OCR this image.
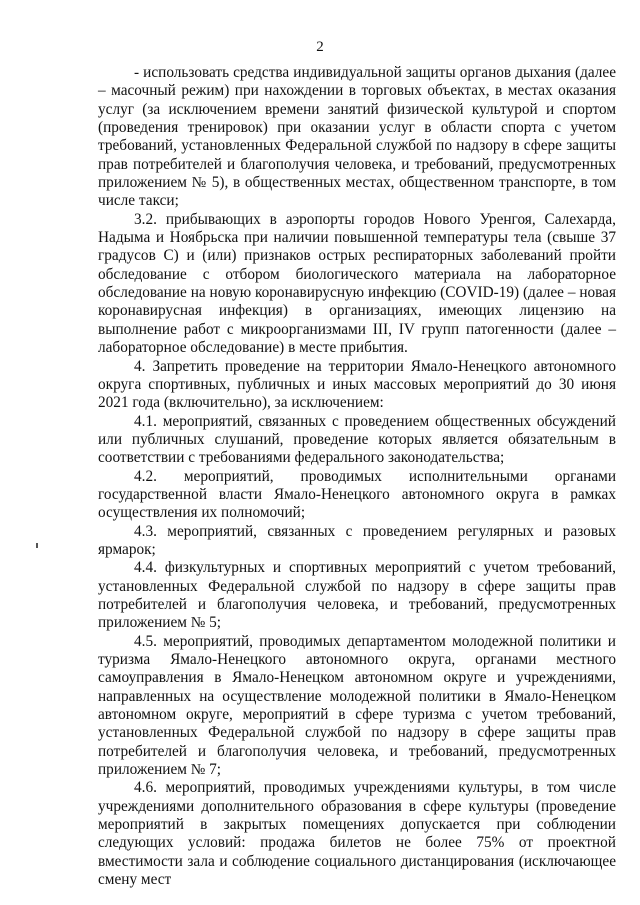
2

- использовать средства индивидуальной защиты органов дыхания (далее – масочный режим) при нахождении в торговых объектах, в местах оказания услуг (за исключением времени занятий физической культурой и спортом (проведения тренировок) при оказании услуг в области спорта с учетом требований, установленных Федеральной службой по надзору в сфере защиты прав потребителей и благополучия человека, и требований, предусмотренных приложением № 5), в общественных местах, общественном транспорте, в том числе такси;

3.2. прибывающих в аэропорты городов Нового Уренгоя, Салехарда, Надыма и Ноябрьска при наличии повышенной температуры тела (свыше 37 градусов С) и (или) признаков острых респираторных заболеваний пройти обследование с отбором биологического материала на лабораторное обследование на новую коронавирусную инфекцию (COVID-19) (далее – новая коронавирусная инфекция) в организациях, имеющих лицензию на выполнение работ с микроорганизмами III, IV групп патогенности (далее – лабораторное обследование) в месте прибытия.

4. Запретить проведение на территории Ямало-Ненецкого автономного округа спортивных, публичных и иных массовых мероприятий до 30 июня 2021 года (включительно), за исключением:

4.1. мероприятий, связанных с проведением общественных обсуждений или публичных слушаний, проведение которых является обязательным в соответствии с требованиями федерального законодательства;

4.2. мероприятий, проводимых исполнительными органами государственной власти Ямало-Ненецкого автономного округа в рамках осуществления их полномочий;

4.3. мероприятий, связанных с проведением регулярных и разовых ярмарок;

4.4. физкультурных и спортивных мероприятий с учетом требований, установленных Федеральной службой по надзору в сфере защиты прав потребителей и благополучия человека, и требований, предусмотренных приложением № 5;

4.5. мероприятий, проводимых департаментом молодежной политики и туризма Ямало-Ненецкого автономного округа, органами местного самоуправления в Ямало-Ненецком автономном округе и учреждениями, направленных на осуществление молодежной политики в Ямало-Ненецком автономном округе, мероприятий в сфере туризма с учетом требований, установленных Федеральной службой по надзору в сфере защиты прав потребителей и благополучия человека, и требований, предусмотренных приложением № 7;

4.6. мероприятий, проводимых учреждениями культуры, в том числе учреждениями дополнительного образования в сфере культуры (проведение мероприятий в закрытых помещениях допускается при соблюдении следующих условий: продажа билетов не более 75% от проектной вместимости зала и соблюдение социального дистанцирования (исключающее смену мест
